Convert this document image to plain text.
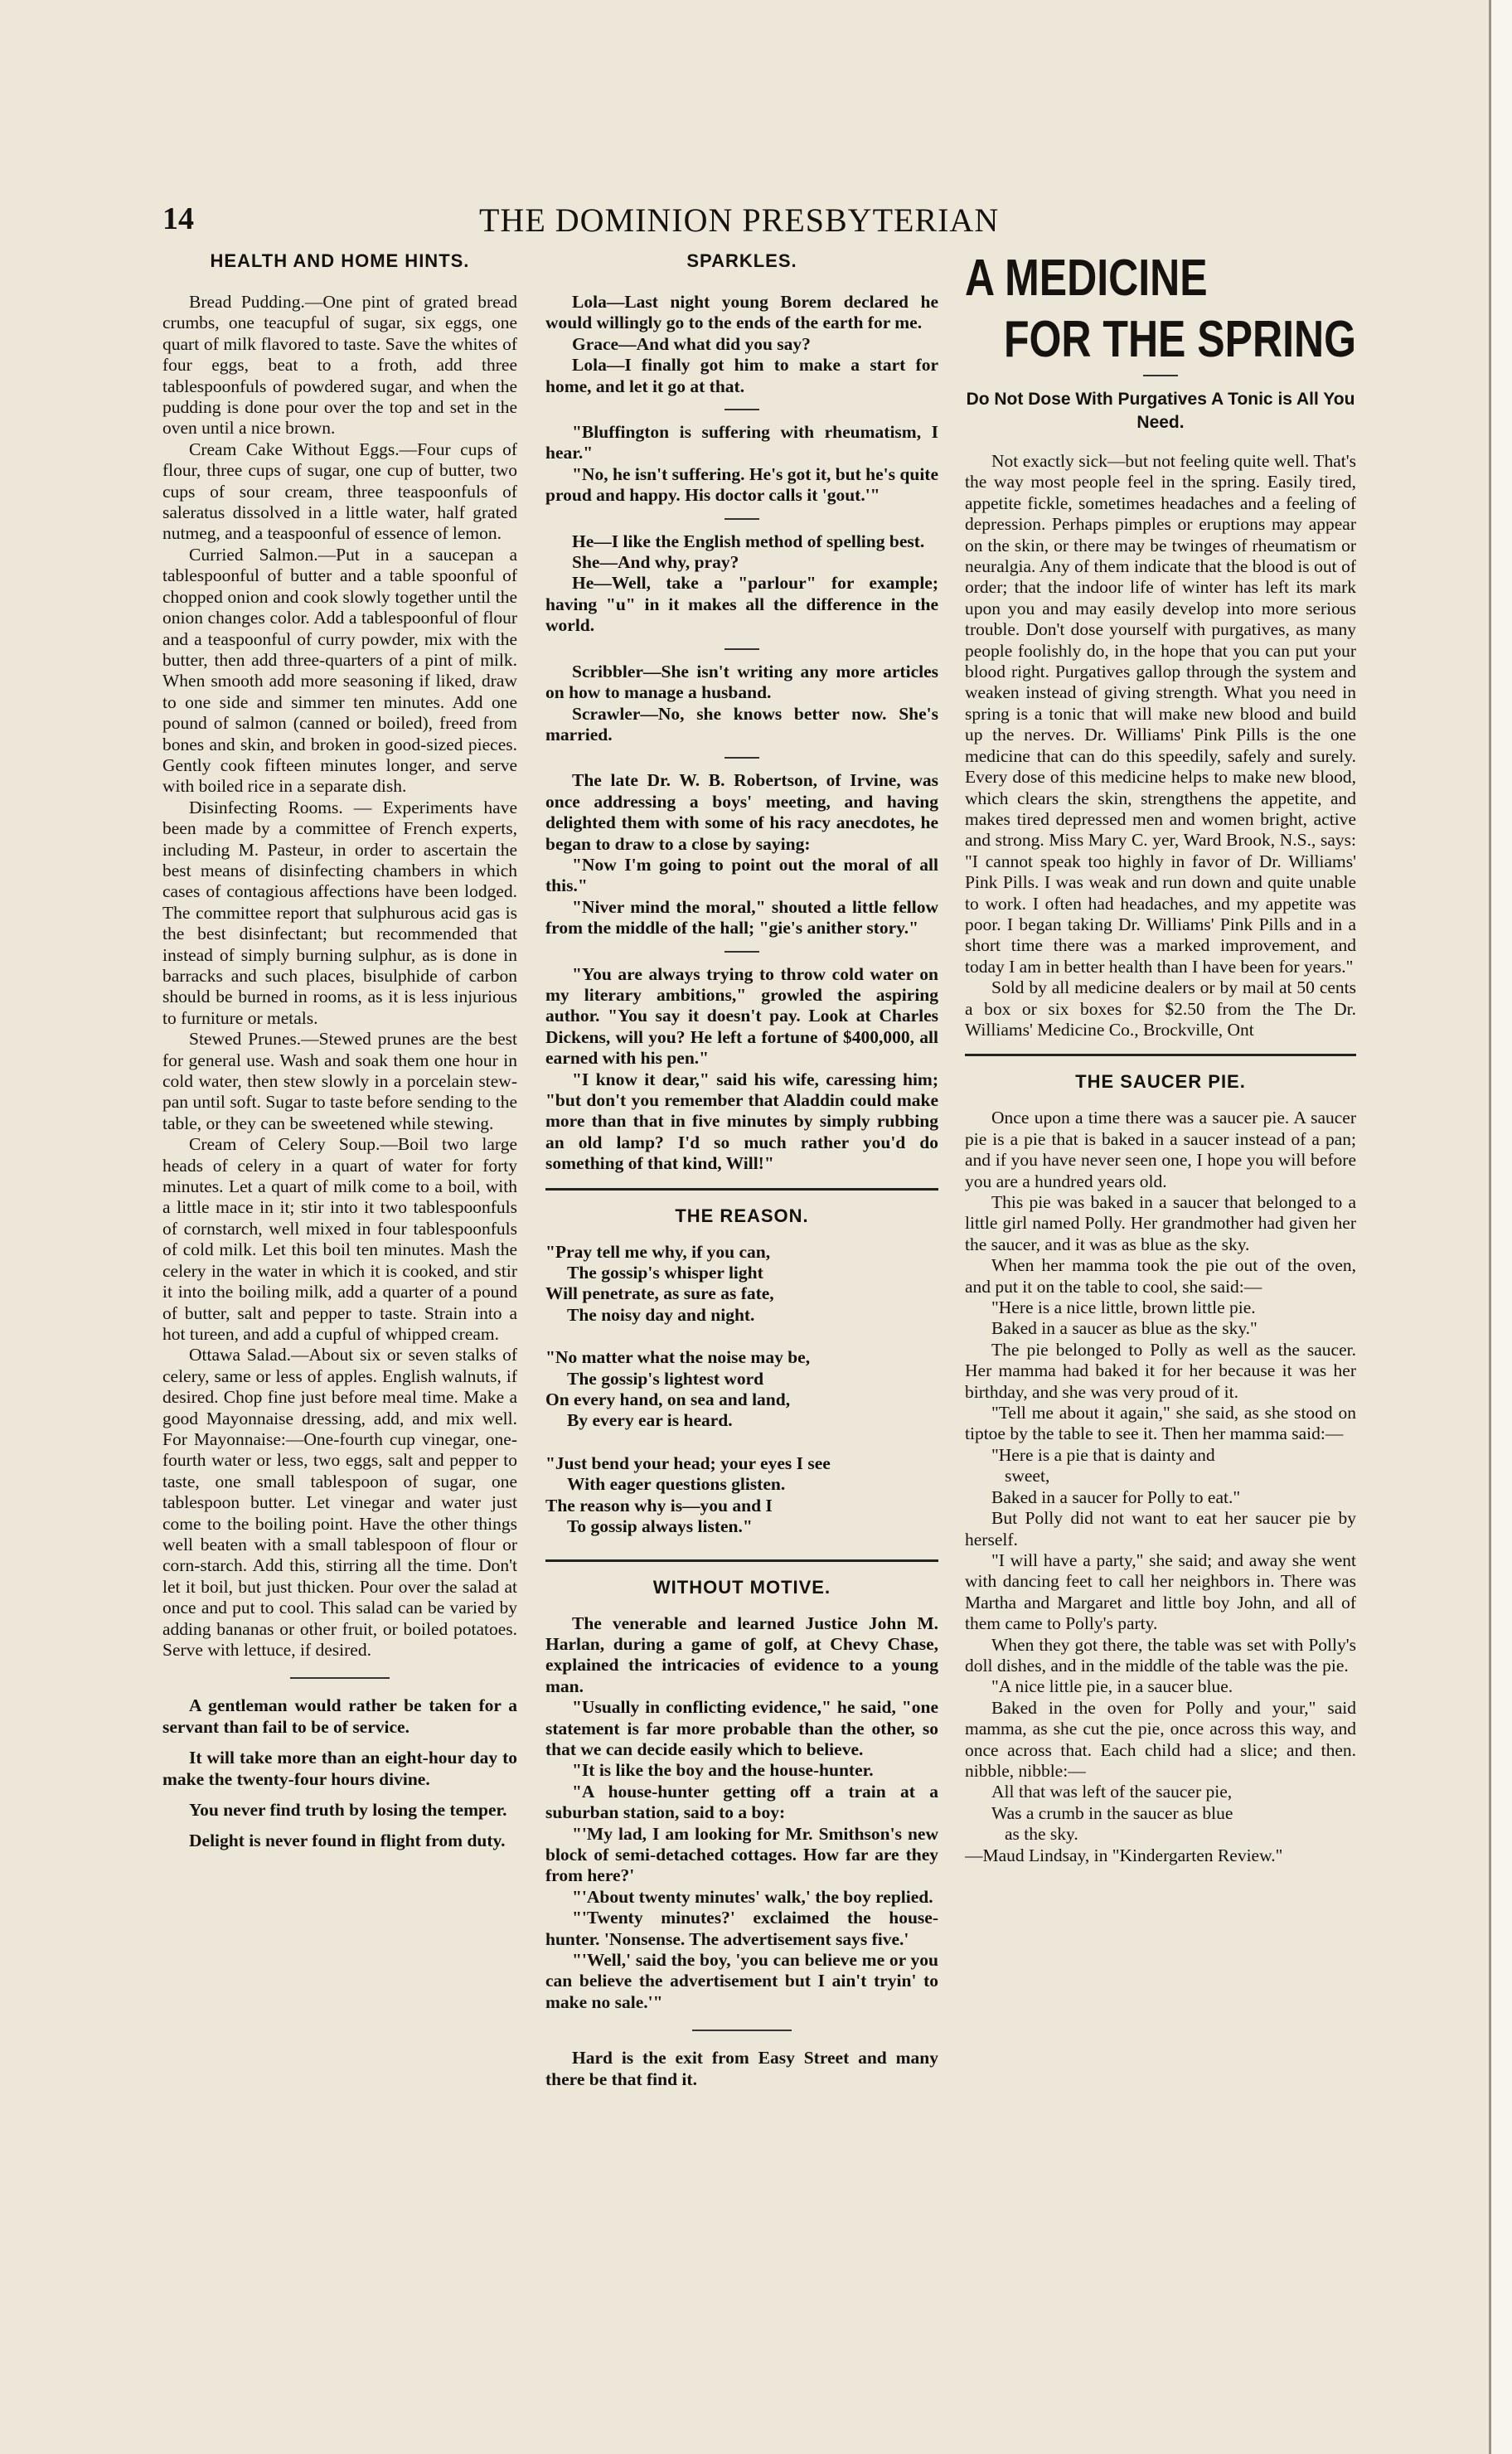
14	THE DOMINION PRESBYTERIAN
HEALTH AND HOME HINTS.

Bread Pudding.—One pint of grated bread crumbs, one teacupful of sugar, six eggs, one quart of milk flavored to taste. Save the whites of four eggs, beat to a froth, add three tablespoonfuls of powdered sugar, and when the pudding is done pour over the top and set in the oven until a nice brown.

Cream Cake Without Eggs.—Four cups of flour, three cups of sugar, one cup of butter, two cups of sour cream, three teaspoonfuls of saleratus dissolved in a little water, half grated nutmeg, and a teaspoonful of essence of lemon.

Curried Salmon.—Put in a saucepan a tablespoonful of butter and a table spoonful of chopped onion and cook slowly together until the onion changes color. Add a tablespoonful of flour and a teaspoonful of curry powder, mix with the butter, then add three-quarters of a pint of milk. When smooth add more seasoning if liked, draw to one side and simmer ten minutes. Add one pound of salmon (canned or boiled), freed from bones and skin, and broken in good-sized pieces. Gently cook fifteen minutes longer, and serve with boiled rice in a separate dish.

Disinfecting Rooms. — Experiments have been made by a committee of French experts, including M. Pasteur, in order to ascertain the best means of disinfecting chambers in which cases of contagious affections have been lodged. The committee report that sulphurous acid gas is the best disinfectant; but recommended that instead of simply burning sulphur, as is done in barracks and such places, bisulphide of carbon should be burned in rooms, as it is less injurious to furniture or metals.

Stewed Prunes.—Stewed prunes are the best for general use. Wash and soak them one hour in cold water, then stew slowly in a porcelain stew-pan until soft. Sugar to taste before sending to the table, or they can be sweetened while stewing.

Cream of Celery Soup.—Boil two large heads of celery in a quart of water for forty minutes. Let a quart of milk come to a boil, with a little mace in it; stir into it two tablespoonfuls of cornstarch, well mixed in four tablespoonfuls of cold milk. Let this boil ten minutes. Mash the celery in the water in which it is cooked, and stir it into the boiling milk, add a quarter of a pound of butter, salt and pepper to taste. Strain into a hot tureen, and add a cupful of whipped cream.

Ottawa Salad.—About six or seven stalks of celery, same or less of apples. English walnuts, if desired. Chop fine just before meal time. Make a good Mayonnaise dressing, add, and mix well. For Mayonnaise:—One-fourth cup vinegar, one-fourth water or less, two eggs, salt and pepper to taste, one small tablespoon of sugar, one tablespoon butter. Let vinegar and water just come to the boiling point. Have the other things well beaten with a small tablespoon of flour or corn-starch. Add this, stirring all the time. Don't let it boil, but just thicken. Pour over the salad at once and put to cool. This salad can be varied by adding bananas or other fruit, or boiled potatoes. Serve with lettuce, if desired.

A gentleman would rather be taken for a servant than fail to be of service.

It will take more than an eight-hour day to make the twenty-four hours divine.

You never find truth by losing the temper.

Delight is never found in flight from duty.

SPARKLES.

Lola—Last night young Borem declared he would willingly go to the ends of the earth for me.

Grace—And what did you say?

Lola—I finally got him to make a start for home, and let it go at that.

"Bluffington is suffering with rheumatism, I hear."

"No, he isn't suffering. He's got it, but he's quite proud and happy. His doctor calls it 'gout.'"

He—I like the English method of spelling best.

She—And why, pray?

He—Well, take a "parlour" for example; having "u" in it makes all the difference in the world.

Scribbler—She isn't writing any more articles on how to manage a husband.

Scrawler—No, she knows better now. She's married.

The late Dr. W. B. Robertson, of Irvine, was once addressing a boys' meeting, and having delighted them with some of his racy anecdotes, he began to draw to a close by saying:

"Now I'm going to point out the moral of all this."

"Niver mind the moral," shouted a little fellow from the middle of the hall; "gie's anither story."

"You are always trying to throw cold water on my literary ambitions," growled the aspiring author. "You say it doesn't pay. Look at Charles Dickens, will you? He left a fortune of $400,000, all earned with his pen."

"I know it dear," said his wife, caressing him; "but don't you remember that Aladdin could make more than that in five minutes by simply rubbing an old lamp? I'd so much rather you'd do something of that kind, Will!"

THE REASON.
"Pray tell me why, if you can,
The gossip's whisper light
Will penetrate, as sure as fate,
The noisy day and night.
"No matter what the noise may be,
The gossip's lightest word
On every hand, on sea and land,
By every ear is heard.
"Just bend your head; your eyes I see
With eager questions glisten.
The reason why is—you and I
To gossip always listen."
WITHOUT MOTIVE.

The venerable and learned Justice John M. Harlan, during a game of golf, at Chevy Chase, explained the intricacies of evidence to a young man.

"Usually in conflicting evidence," he said, "one statement is far more probable than the other, so that we can decide easily which to believe.

"It is like the boy and the house-hunter.

"A house-hunter getting off a train at a suburban station, said to a boy:

"'My lad, I am looking for Mr. Smithson's new block of semi-detached cottages. How far are they from here?'

"'About twenty minutes' walk,' the boy replied.

"'Twenty minutes?' exclaimed the house-hunter. 'Nonsense. The advertisement says five.'

"'Well,' said the boy, 'you can believe me or you can believe the advertisement but I ain't tryin' to make no sale.'"

Hard is the exit from Easy Street and many there be that find it.

A MEDICINE
FOR THE SPRING
Do Not Dose With Purgatives A Tonic is All You Need.

Not exactly sick—but not feeling quite well. That's the way most people feel in the spring. Easily tired, appetite fickle, sometimes headaches and a feeling of depression. Perhaps pimples or eruptions may appear on the skin, or there may be twinges of rheumatism or neuralgia. Any of them indicate that the blood is out of order; that the indoor life of winter has left its mark upon you and may easily develop into more serious trouble. Don't dose yourself with purgatives, as many people foolishly do, in the hope that you can put your blood right. Purgatives gallop through the system and weaken instead of giving strength. What you need in spring is a tonic that will make new blood and build up the nerves. Dr. Williams' Pink Pills is the one medicine that can do this speedily, safely and surely. Every dose of this medicine helps to make new blood, which clears the skin, strengthens the appetite, and makes tired depressed men and women bright, active and strong. Miss Mary C. yer, Ward Brook, N.S., says: "I cannot speak too highly in favor of Dr. Williams' Pink Pills. I was weak and run down and quite unable to work. I often had headaches, and my appetite was poor. I began taking Dr. Williams' Pink Pills and in a short time there was a marked improvement, and today I am in better health than I have been for years."

Sold by all medicine dealers or by mail at 50 cents a box or six boxes for $2.50 from the The Dr. Williams' Medicine Co., Brockville, Ont

THE SAUCER PIE.

Once upon a time there was a saucer pie. A saucer pie is a pie that is baked in a saucer instead of a pan; and if you have never seen one, I hope you will before you are a hundred years old.

This pie was baked in a saucer that belonged to a little girl named Polly. Her grandmother had given her the saucer, and it was as blue as the sky.

When her mamma took the pie out of the oven, and put it on the table to cool, she said:—

"Here is a nice little, brown little pie.

Baked in a saucer as blue as the sky."

The pie belonged to Polly as well as the saucer. Her mamma had baked it for her because it was her birthday, and she was very proud of it.

"Tell me about it again," she said, as she stood on tiptoe by the table to see it. Then her mamma said:—

"Here is a pie that is dainty and

sweet,

Baked in a saucer for Polly to eat."

But Polly did not want to eat her saucer pie by herself.

"I will have a party," she said; and away she went with dancing feet to call her neighbors in. There was Martha and Margaret and little boy John, and all of them came to Polly's party.

When they got there, the table was set with Polly's doll dishes, and in the middle of the table was the pie.

"A nice little pie, in a saucer blue.

Baked in the oven for Polly and your," said mamma, as she cut the pie, once across this way, and once across that. Each child had a slice; and then. nibble, nibble:—

All that was left of the saucer pie,

Was a crumb in the saucer as blue

as the sky.

—Maud Lindsay, in "Kindergarten Review."
